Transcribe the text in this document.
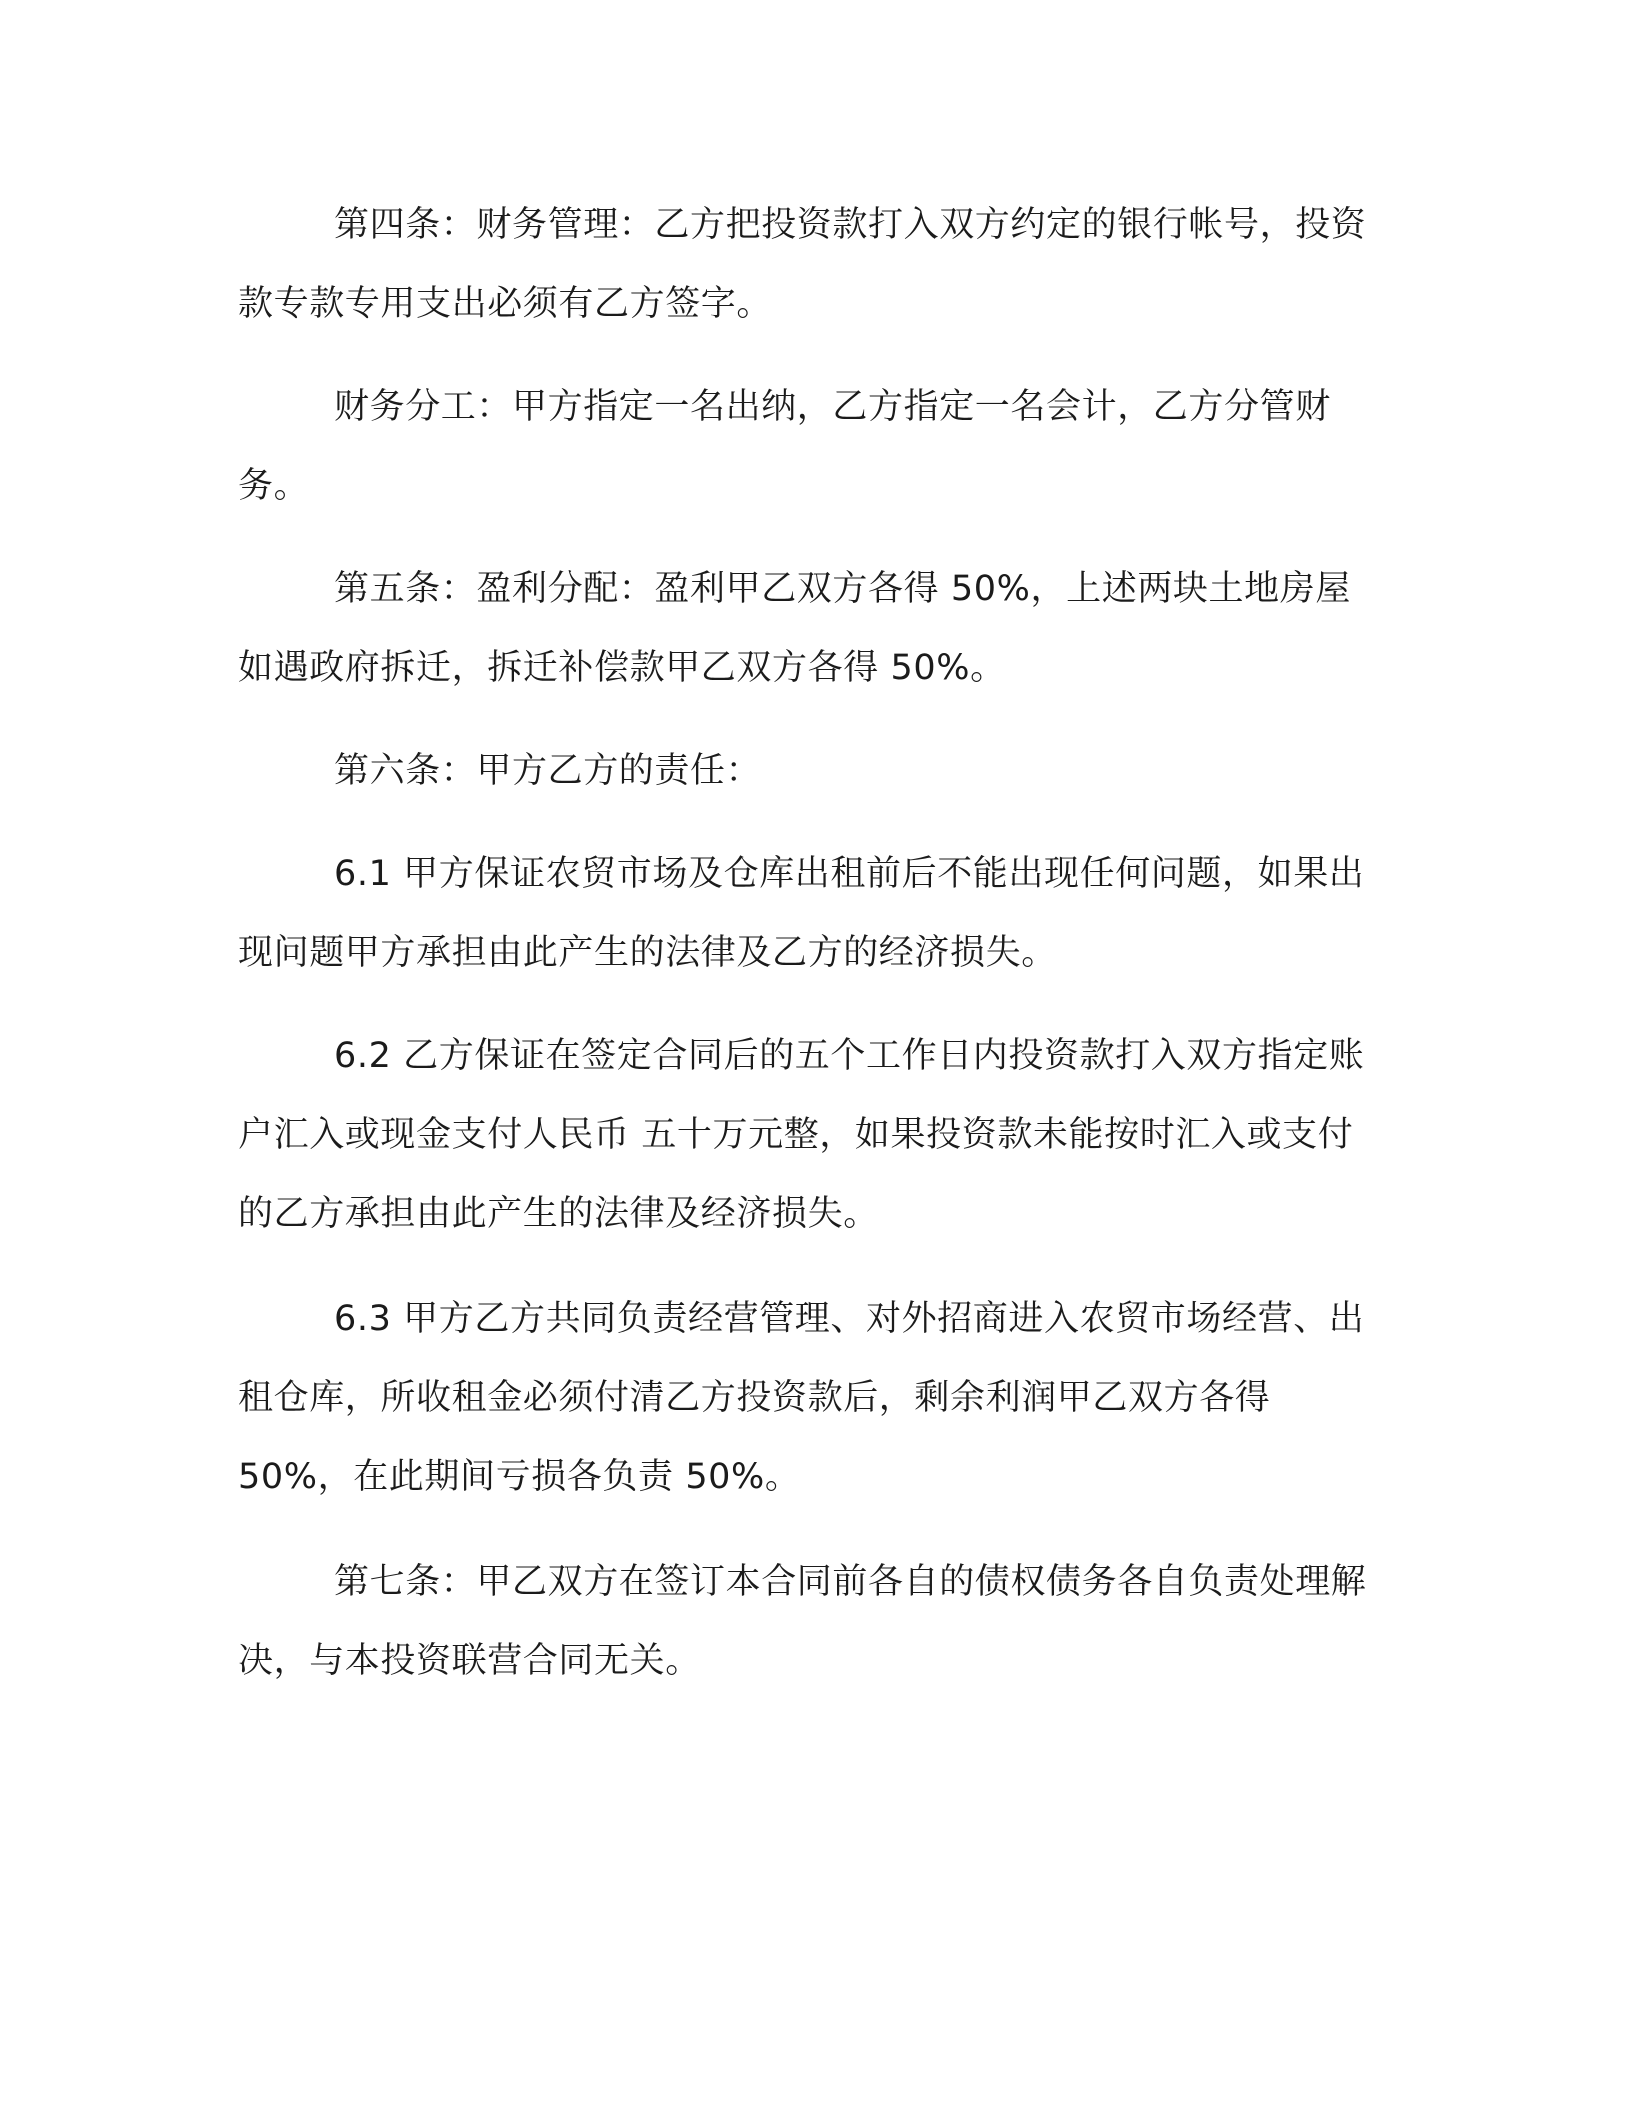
第四条：财务管理：乙方把投资款打入双方约定的银行帐号，投资款专款专用支出必须有乙方签字。

财务分工：甲方指定一名出纳，乙方指定一名会计，乙方分管财务。

第五条：盈利分配：盈利甲乙双方各得 50%，上述两块土地房屋如遇政府拆迁，拆迁补偿款甲乙双方各得 50%。

第六条：甲方乙方的责任：

6.1 甲方保证农贸市场及仓库出租前后不能出现任何问题，如果出现问题甲方承担由此产生的法律及乙方的经济损失。

6.2 乙方保证在签定合同后的五个工作日内投资款打入双方指定账户汇入或现金支付人民币 五十万元整，如果投资款未能按时汇入或支付的乙方承担由此产生的法律及经济损失。

6.3 甲方乙方共同负责经营管理、对外招商进入农贸市场经营、出租仓库，所收租金必须付清乙方投资款后，剩余利润甲乙双方各得 50%，在此期间亏损各负责 50%。

第七条：甲乙双方在签订本合同前各自的债权债务各自负责处理解决，与本投资联营合同无关。
